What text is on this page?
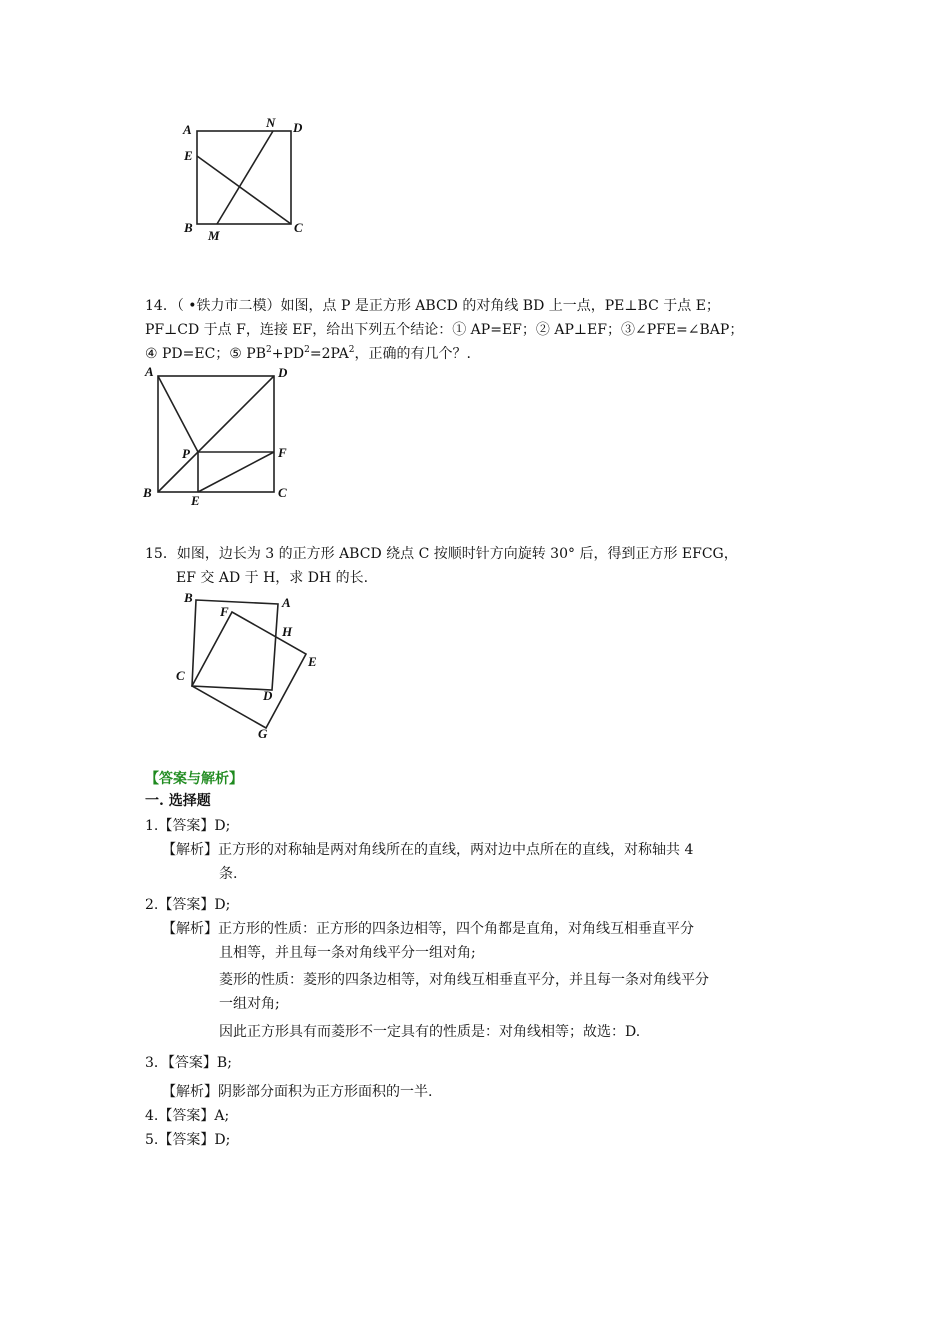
A	N D
E
B
M
C
14．（ •铁力市二模）如图，点 P 是正方形 ABCD 的对角线 BD 上一点，PE⊥BC 于点 E；
PF⊥CD 于点 F，连接 EF，给出下列五个结论：① AP=EF；② AP⊥EF；③∠PFE=∠BAP；
④ PD=EC；⑤ $PB^2+PD^2=2PA^2$，正确的有几个？.
A	D
P	F
B
E
C
15．如图，边长为 3 的正方形 ABCD 绕点 C 按顺时针方向旋转 30° 后，得到正方形 EFCG，
EF 交 AD 于 H，求 DH 的长.
B	A
F
H
E
C
D
G
【答案与解析】
一. 选择题
1.【答案】D;
【解析】正方形的对称轴是两对角线所在的直线，两对边中点所在的直线，对称轴共 4
条.
2.【答案】D;
【解析】正方形的性质：正方形的四条边相等，四个角都是直角，对角线互相垂直平分
且相等，并且每一条对角线平分一组对角;
菱形的性质：菱形的四条边相等，对角线互相垂直平分，并且每一条对角线平分
一组对角;
因此正方形具有而菱形不一定具有的性质是：对角线相等；故选：D.
3．【答案】B;
【解析】阴影部分面积为正方形面积的一半.
4.【答案】A;
5.【答案】D;
